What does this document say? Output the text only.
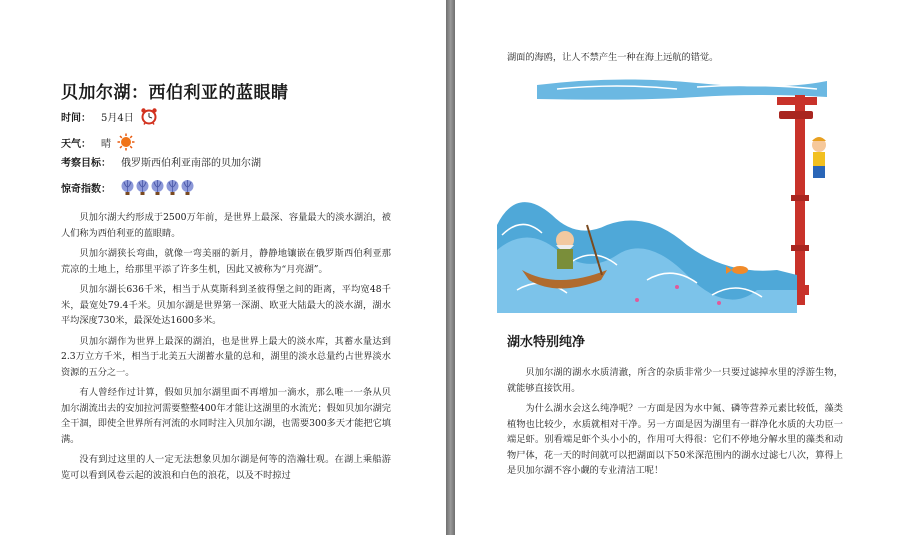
贝加尔湖：西伯利亚的蓝眼睛
时间： 5月4日
天气： 晴
考察目标： 俄罗斯西伯利亚南部的贝加尔湖
惊奇指数：

贝加尔湖大约形成于2500万年前，是世界上最深、容量最大的淡水湖泊，被人们称为西伯利亚的蓝眼睛。

贝加尔湖狭长弯曲，就像一弯美丽的新月，静静地镶嵌在俄罗斯西伯利亚那荒凉的土地上，给那里平添了许多生机，因此又被称为“月亮湖”。

贝加尔湖长636千米，相当于从莫斯科到圣彼得堡之间的距离，平均宽48千米，最宽处79.4千米。贝加尔湖是世界第一深湖、欧亚大陆最大的淡水湖，湖水平均深度730米，最深处达1600多米。

贝加尔湖作为世界上最深的湖泊，也是世界上最大的淡水库，其蓄水量达到2.3万立方千米，相当于北美五大湖蓄水量的总和，湖里的淡水总量约占世界淡水资源的五分之一。

有人曾经作过计算，假如贝加尔湖里面不再增加一滴水，那么唯一一条从贝加尔湖流出去的安加拉河需要整整400年才能让这湖里的水流光；假如贝加尔湖完全干涸，即使全世界所有河流的水同时注入贝加尔湖，也需要300多天才能把它填满。

没有到过这里的人一定无法想象贝加尔湖是何等的浩瀚壮观。在湖上乘船游览可以看到风卷云起的波浪和白色的浪花，以及不时掠过

湖面的海鸥，让人不禁产生一种在海上远航的错觉。

湖水特别纯净

贝加尔湖的湖水水质清澈，所含的杂质非常少一只要过滤掉水里的浮游生物，就能够直接饮用。

为什么湖水会这么纯净呢？一方面是因为水中氮、磷等营养元素比较低，藻类植物也比较少，水质就相对干净。另一方面是因为湖里有一群净化水质的大功臣一端足虾。别看端足虾个头小小的，作用可大得很：它们不停地分解水里的藻类和动物尸体，花一天的时间就可以把湖面以下50米深范围内的湖水过滤七八次，算得上是贝加尔湖不容小觑的专业清洁工呢！
